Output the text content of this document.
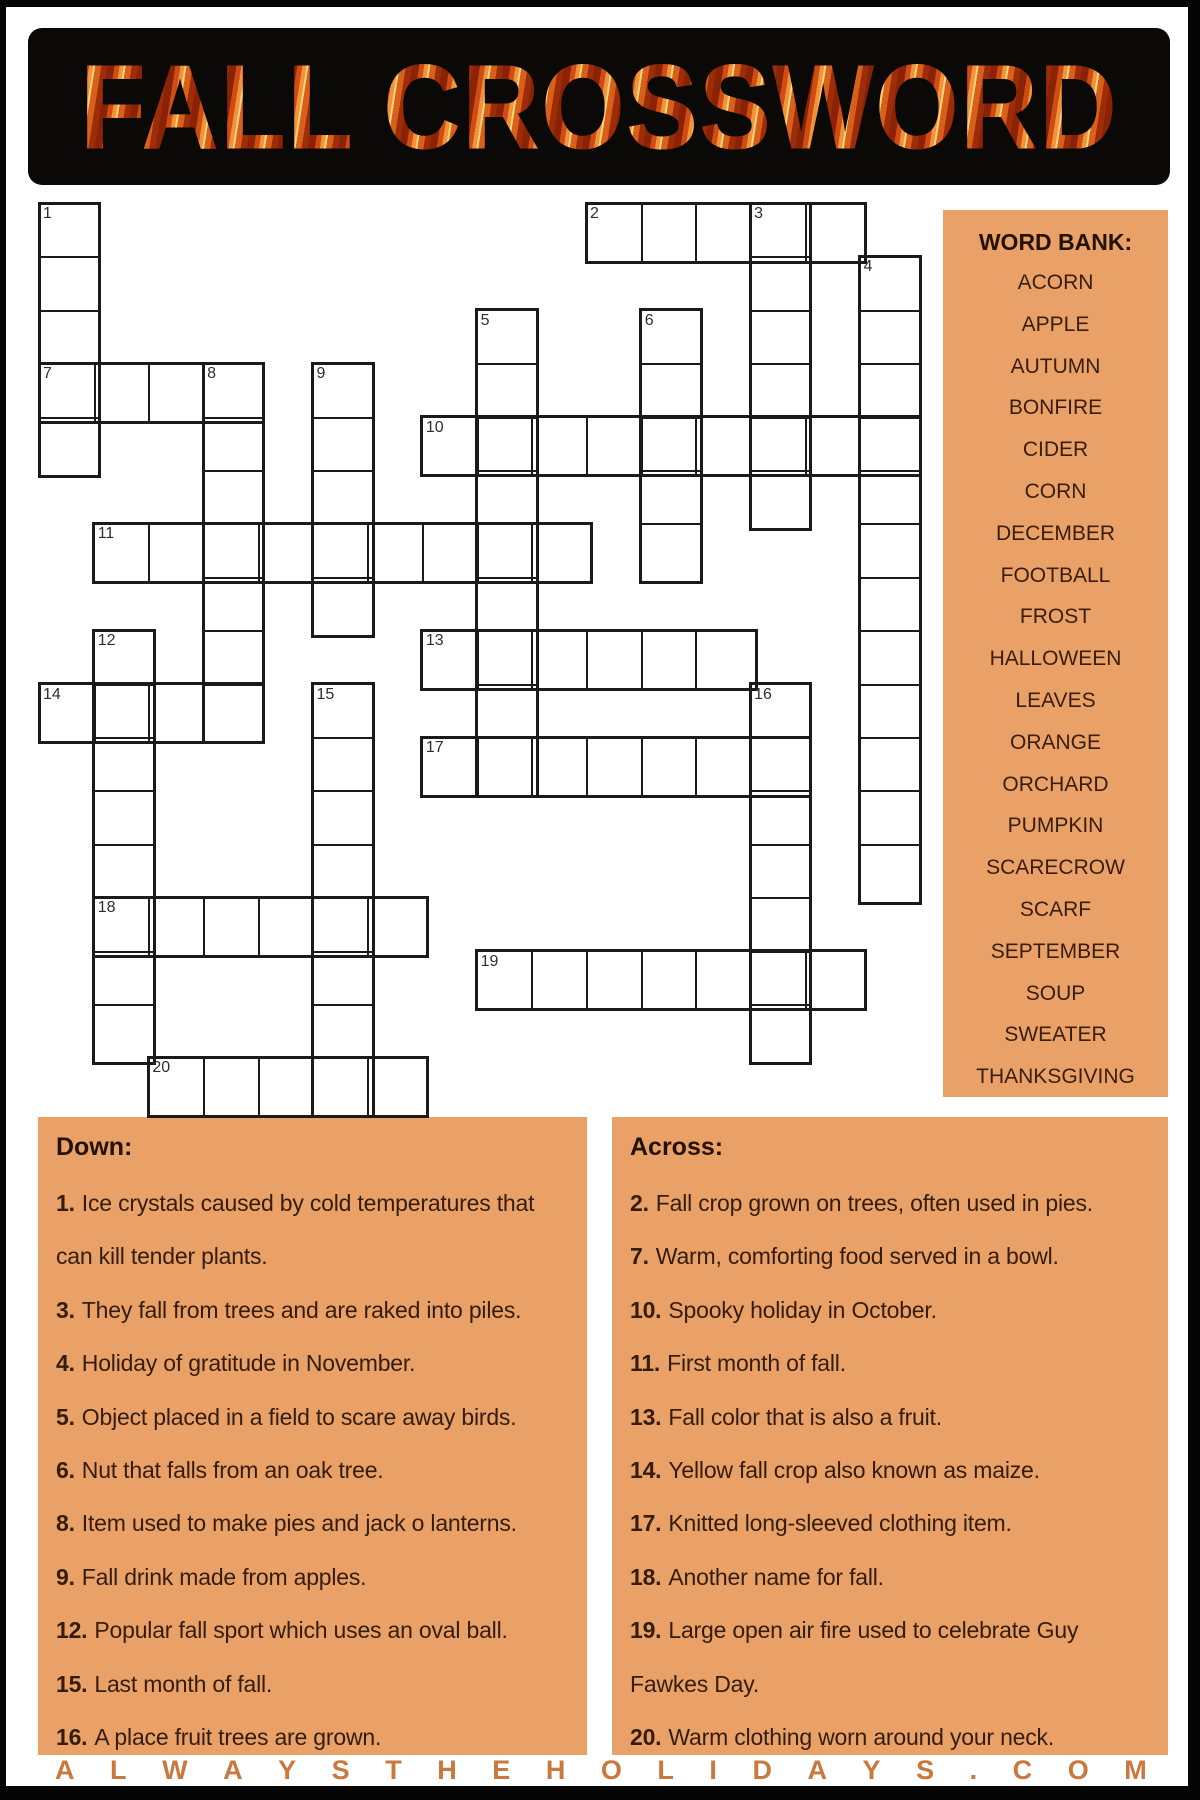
FALL CROSSWORD
1	2	3
4
5	6
7	8	9
10
11
12	13
14	15	16
17
18
19
20
WORD BANK:
ACORN
APPLE
AUTUMN
BONFIRE
CIDER
CORN
DECEMBER
FOOTBALL
FROST
HALLOWEEN
LEAVES
ORANGE
ORCHARD
PUMPKIN
SCARECROW
SCARF
SEPTEMBER
SOUP
SWEATER
THANKSGIVING
Down:
1. Ice crystals caused by cold temperatures that
can kill tender plants.
3. They fall from trees and are raked into piles.
4. Holiday of gratitude in November.
5. Object placed in a field to scare away birds.
6. Nut that falls from an oak tree.
8. Item used to make pies and jack o lanterns.
9. Fall drink made from apples.
12. Popular fall sport which uses an oval ball.
15. Last month of fall.
16. A place fruit trees are grown.
Across:
2. Fall crop grown on trees, often used in pies.
7. Warm, comforting food served in a bowl.
10. Spooky holiday in October.
11. First month of fall.
13. Fall color that is also a fruit.
14. Yellow fall crop also known as maize.
17. Knitted long-sleeved clothing item.
18. Another name for fall.
19. Large open air fire used to celebrate Guy
Fawkes Day.
20. Warm clothing worn around your neck.
A L W A Y S T H E H O L I D A Y S . C O M
